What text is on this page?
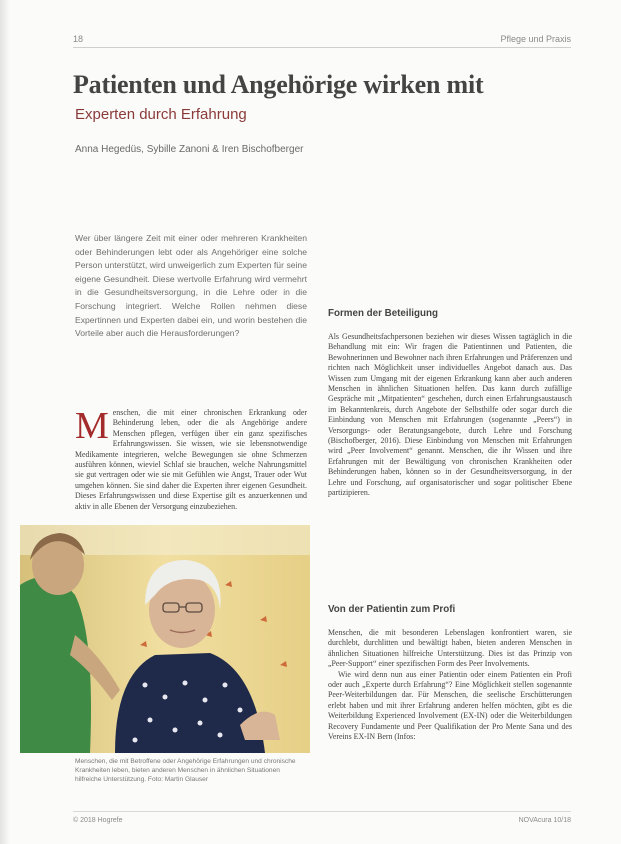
18	Pflege und Praxis
Patienten und Angehörige wirken mit
Experten durch Erfahrung
Anna Hegedüs, Sybille Zanoni & Iren Bischofberger

Wer über längere Zeit mit einer oder mehreren Krankheiten oder Behinderungen lebt oder als Angehöriger eine solche Person unterstützt, wird unweigerlich zum Experten für seine eigene Gesundheit. Diese wertvolle Erfahrung wird vermehrt in die Gesundheitsversorgung, in die Lehre oder in die Forschung integriert. Welche Rollen nehmen diese Expertinnen und Experten dabei ein, und worin bestehen die Vorteile aber auch die Herausforderungen?

Menschen, die mit einer chronischen Erkrankung oder Behinderung leben, oder die als Angehörige andere Menschen pflegen, verfügen über ein ganz spezifisches Erfahrungswissen. Sie wissen, wie sie lebensnotwendige Medikamente integrieren, welche Bewegungen sie ohne Schmerzen ausführen können, wieviel Schlaf sie brauchen, welche Nahrungsmittel sie gut vertragen oder wie sie mit Gefühlen wie Angst, Trauer oder Wut umgehen können. Sie sind daher die Experten ihrer eigenen Gesundheit. Dieses Erfahrungswissen und diese Expertise gilt es anzuerkennen und aktiv in alle Ebenen der Versorgung einzubeziehen.

Menschen, die mit Betroffene oder Angehörige Erfahrungen und chronische Krankheiten leben, bieten anderen Menschen in ähnlichen Situationen hilfreiche Unterstützung. Foto: Martin Glauser

Formen der Beteiligung

Als Gesundheitsfachpersonen beziehen wir dieses Wissen tagtäglich in die Behandlung mit ein: Wir fragen die Patientinnen und Patienten, die Bewohnerinnen und Bewohner nach ihren Erfahrungen und Präferenzen und richten nach Möglichkeit unser individuelles Angebot danach aus. Das Wissen zum Umgang mit der eigenen Erkrankung kann aber auch anderen Menschen in ähnlichen Situationen helfen. Das kann durch zufällige Gespräche mit „Mitpatienten“ geschehen, durch einen Erfahrungsaustausch im Bekanntenkreis, durch Angebote der Selbsthilfe oder sogar durch die Einbindung von Menschen mit Erfahrungen (sogenannte „Peers“) in Versorgungs- oder Beratungsangebote, durch Lehre und Forschung (Bischofberger, 2016). Diese Einbindung von Menschen mit Erfahrungen wird „Peer Involvement“ genannt. Menschen, die ihr Wissen und ihre Erfahrungen mit der Bewältigung von chronischen Krankheiten oder Behinderungen haben, können so in der Gesundheitsversorgung, in der Lehre und Forschung, auf organisatorischer und sogar politischer Ebene partizipieren.

Von der Patientin zum Profi

Menschen, die mit besonderen Lebenslagen konfrontiert waren, sie durchlebt, durchlitten und bewältigt haben, bieten anderen Menschen in ähnlichen Situationen hilfreiche Unterstützung. Dies ist das Prinzip von „Peer-Support“ einer spezifischen Form des Peer Involvements.

Wie wird denn nun aus einer Patientin oder einem Patienten ein Profi oder auch „Experte durch Erfahrung“? Eine Möglichkeit stellen sogenannte Peer-Weiterbildungen dar. Für Menschen, die seelische Erschütterungen erlebt haben und mit ihrer Erfahrung anderen helfen möchten, gibt es die Weiterbildung Experienced Involvement (EX-IN) oder die Weiterbildungen Recovery Fundamente und Peer Qualifikation der Pro Mente Sana und des Vereins EX-IN Bern (Infos:

© 2018 Hogrefe	NOVAcura 10/18
